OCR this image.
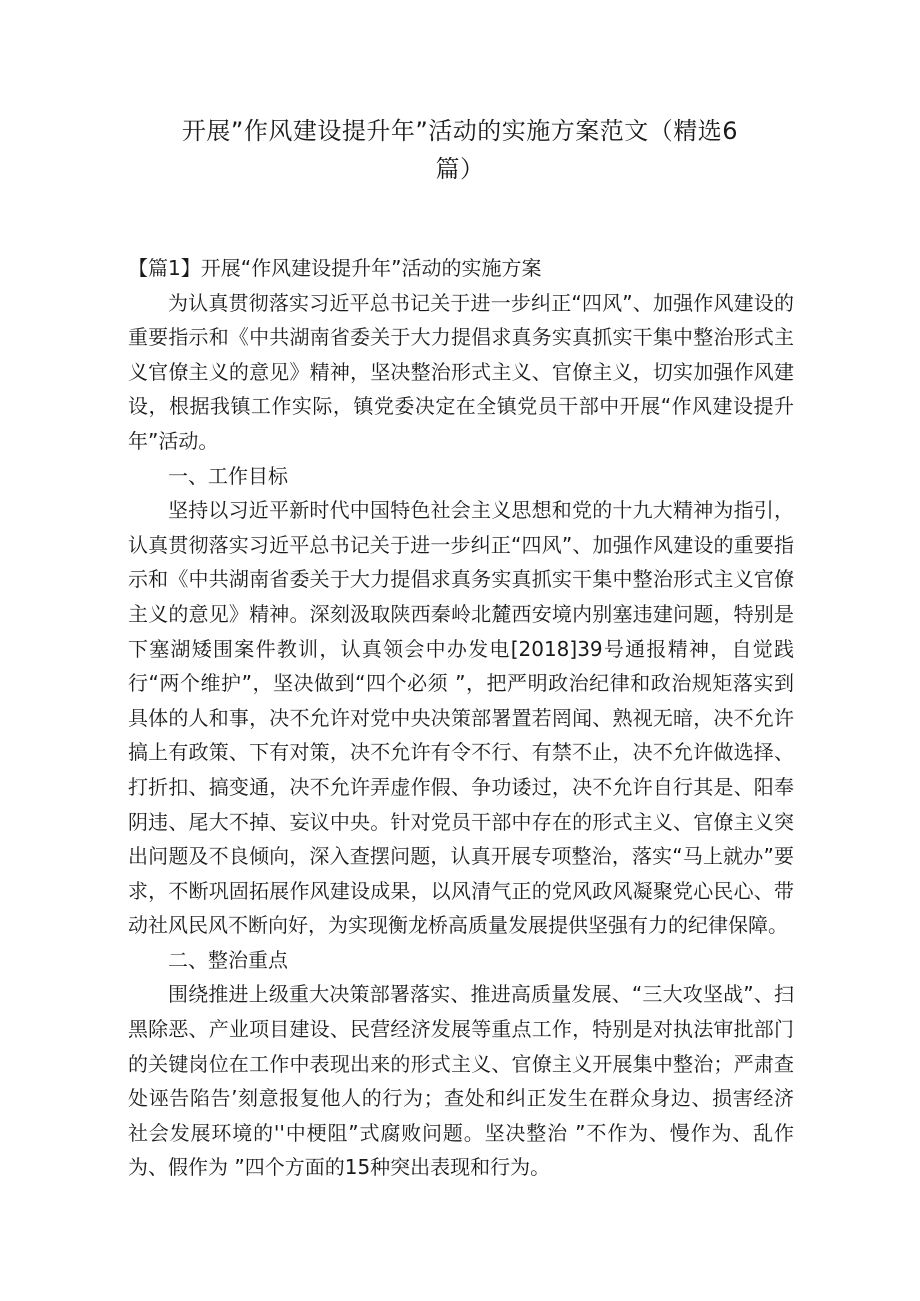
开展”作风建设提升年”活动的实施方案范文（精选6篇）

【篇1】开展“作风建设提升年”活动的实施方案

为认真贯彻落实习近平总书记关于进一步纠正“四风”、加强作风建设的重要指示和《中共湖南省委关于大力提倡求真务实真抓实干集中整治形式主义官僚主义的意见》精神，坚决整治形式主义、官僚主义，切实加强作风建设，根据我镇工作实际，镇党委决定在全镇党员干部中开展“作风建设提升年”活动。

一、工作目标

坚持以习近平新时代中国特色社会主义思想和党的十九大精神为指引，认真贯彻落实习近平总书记关于进一步纠正“四风”、加强作风建设的重要指示和《中共湖南省委关于大力提倡求真务实真抓实干集中整治形式主义官僚主义的意见》精神。深刻汲取陕西秦岭北麓西安境内别塞违建问题，特别是下塞湖矮围案件教训，认真领会中办发电[2018]39号通报精神，自觉践行“两个维护”，坚决做到“四个必须 ”，把严明政治纪律和政治规矩落实到具体的人和事，决不允许对党中央决策部署置若罔闻、熟视无暗，决不允许搞上有政策、下有对策，决不允许有令不行、有禁不止，决不允许做选择、打折扣、搞变通，决不允许弄虚作假、争功诿过，决不允许自行其是、阳奉阴违、尾大不掉、妄议中央。针对党员干部中存在的形式主义、官僚主义突出问题及不良倾向，深入查摆问题，认真开展专项整治，落实“马上就办”要求，不断巩固拓展作风建设成果，以风清气正的党风政风凝聚党心民心、带动社风民风不断向好，为实现衡龙桥高质量发展提供坚强有力的纪律保障。

二、整治重点

围绕推进上级重大决策部署落实、推进高质量发展、“三大攻坚战”、扫黑除恶、产业项目建设、民营经济发展等重点工作，特别是对执法审批部门的关键岗位在工作中表现出来的形式主义、官僚主义开展集中整治；严肃查处诬告陷告’刻意报复他人的行为；查处和纠正发生在群众身边、损害经济社会发展环境的''中梗阻”式腐败问题。坚决整治 ”不作为、慢作为、乱作为、假作为 ”四个方面的15种突出表现和行为。
